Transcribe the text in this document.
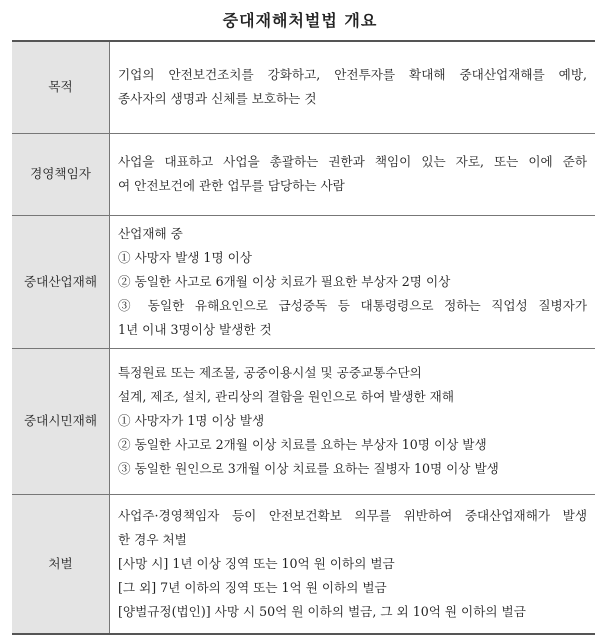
중대재해처벌법 개요
목적	기업의 안전보건조치를 강화하고, 안전투자를 확대해 중대산업재해를 예방,
종사자의 생명과 신체를 보호하는 것

경영책임자	사업을 대표하고 사업을 총괄하는 권한과 책임이 있는 자로, 또는 이에 준하
여 안전보건에 관한 업무를 담당하는 사람

중대산업재해	산업재해 중
① 사망자 발생 1명 이상
② 동일한 사고로 6개월 이상 치료가 필요한 부상자 2명 이상
③ 동일한 유해요인으로 급성중독 등 대통령령으로 정하는 직업성 질병자가
1년 이내 3명이상 발생한 것

중대시민재해	특정원료 또는 제조물, 공중이용시설 및 공중교통수단의
설계, 제조, 설치, 관리상의 결함을 원인으로 하여 발생한 재해
① 사망자가 1명 이상 발생
② 동일한 사고로 2개월 이상 치료를 요하는 부상자 10명 이상 발생
③ 동일한 원인으로 3개월 이상 치료를 요하는 질병자 10명 이상 발생

처벌	사업주·경영책임자 등이 안전보건확보 의무를 위반하여 중대산업재해가 발생
한 경우 처벌
[사망 시] 1년 이상 징역 또는 10억 원 이하의 벌금
[그 외] 7년 이하의 징역 또는 1억 원 이하의 벌금
[양벌규정(법인)] 사망 시 50억 원 이하의 벌금, 그 외 10억 원 이하의 벌금
